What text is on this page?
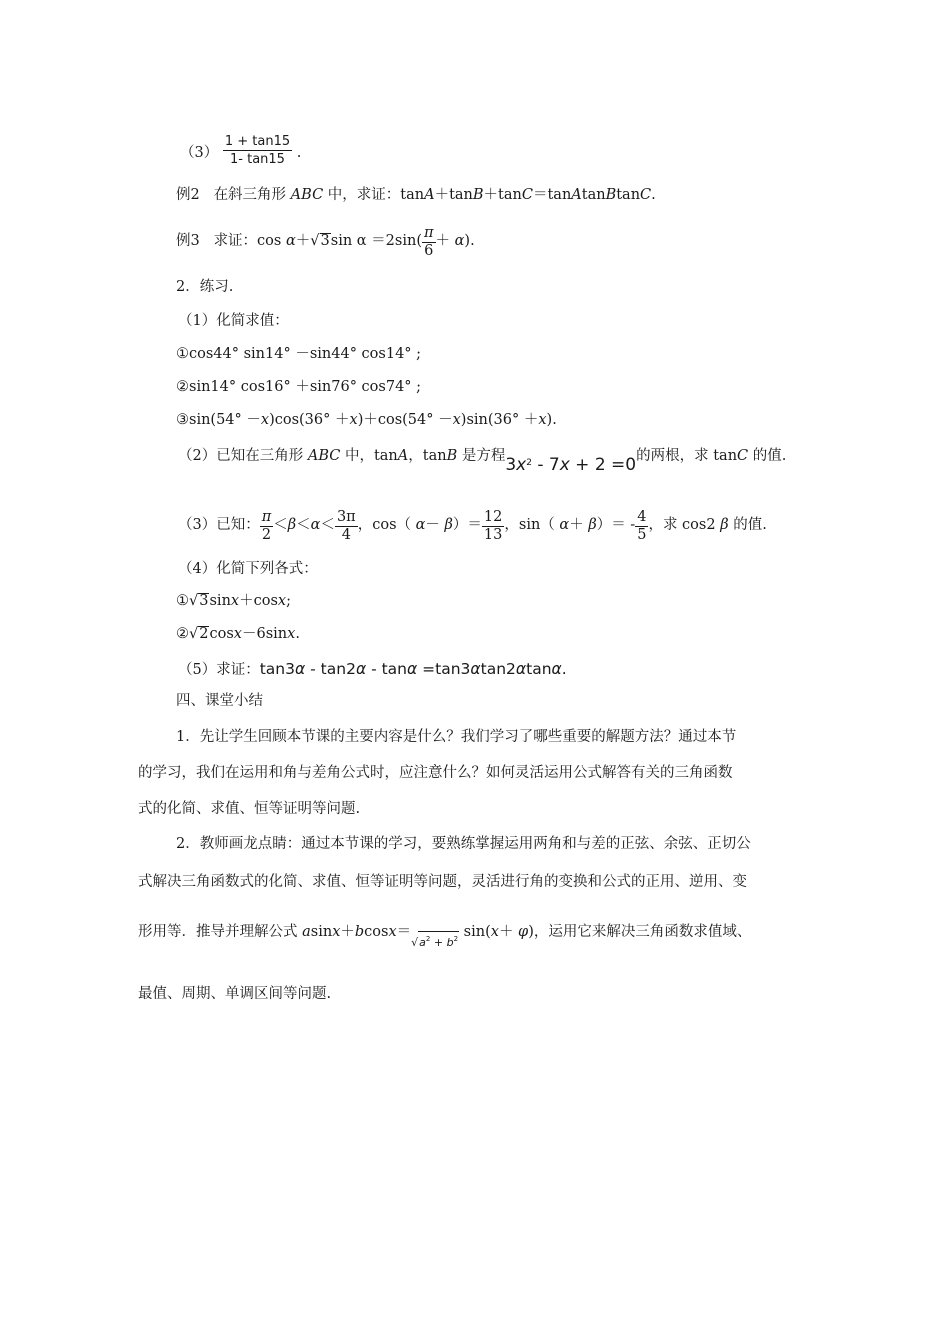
$(3) \frac{1 + \tan 15}{1- \tan 15}$ .
例2 在斜三角形 ABC 中，求证：tanA＋tanB＋tanC＝tanAtanBtanC.
例3 求证：cos α＋√3sin $\alpha =2\sin( \frac{\pi}{6} + \alpha)$.
2．练习.
（1）化简求值：
①cos44° sin14° －sin44° cos14° ;
②sin14° cos16° ＋sin76° cos74° ;
③sin(54° －x)cos(36° ＋x)＋cos(54° －x)sin(36° ＋x).
（2）已知在三角形 ABC 中，tanA，tanB 是方程$3x^2 - 7x + 2 =0$的两根，求 tanC 的值.
（3）已知： $\frac{\pi}{2} <\beta<\alpha< \frac{3\pi}{4}$ ，cos（ $\alpha- \beta)= \frac{12}{13}$ ，sin（ $\alpha+ \beta)= - \frac{4}{5}$ ，求 cos2 β 的值.
（4）化简下列各式：
①√3sinx＋cosx;
②√2cosx－6sinx.
（5）求证：tan3α - tan2α - tanα =tan3αtan2αtanα.
四、课堂小结
1．先让学生回顾本节课的主要内容是什么？我们学习了哪些重要的解题方法？通过本节
的学习，我们在运用和角与差角公式时，应注意什么？如何灵活运用公式解答有关的三角函数
式的化简、求值、恒等证明等问题.
2．教师画龙点睛：通过本节课的学习，要熟练掌握运用两角和与差的正弦、余弦、正切公
式解决三角函数式的化简、求值、恒等证明等问题，灵活进行角的变换和公式的正用、逆用、变
形用等．推导并理解公式 $asinx+bcosx=√a^2 + b^2$ sin(x＋ φ)，运用它来解决三角函数求值域、
最值、周期、单调区间等问题.
